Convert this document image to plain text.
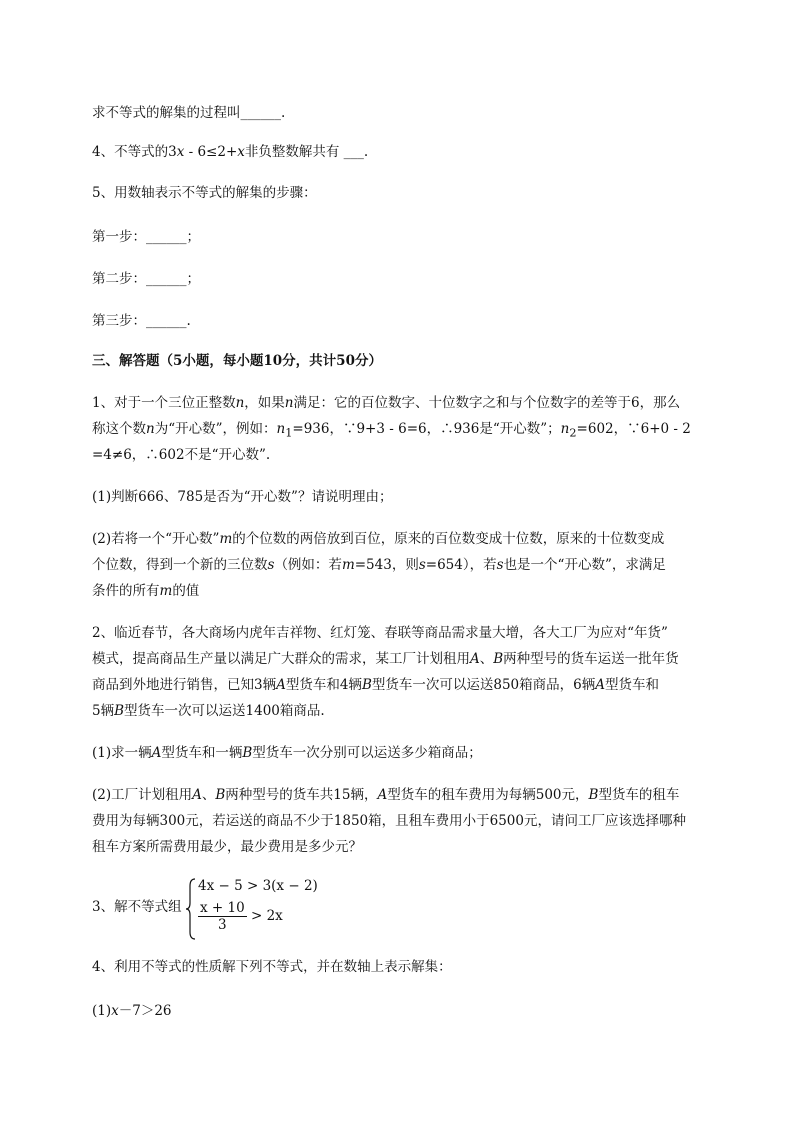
求不等式的解集的过程叫______.
4、不等式的3x - 6≤2+x非负整数解共有 ___.
5、用数轴表示不等式的解集的步骤：
第一步：______；
第二步：______；
第三步：______.
三、解答题（5小题，每小题10分，共计50分）
1、对于一个三位正整数n，如果n满足：它的百位数字、十位数字之和与个位数字的差等于6，那么
称这个数n为“开心数”，例如：$n_1=936$，∵9+3 - 6=6，∴936是“开心数”；$n_2=602$，∵6+0 - 2
=4≠6，∴602不是“开心数”.
(1)判断666、785是否为“开心数”？请说明理由；
(2)若将一个“开心数”m的个位数的两倍放到百位，原来的百位数变成十位数，原来的十位数变成
个位数，得到一个新的三位数s（例如：若m=543，则s=654），若s也是一个“开心数”，求满足
条件的所有m的值
2、临近春节，各大商场内虎年吉祥物、红灯笼、春联等商品需求量大增，各大工厂为应对“年货”
模式，提高商品生产量以满足广大群众的需求，某工厂计划租用A、B两种型号的货车运送一批年货
商品到外地进行销售，已知3辆A型货车和4辆B型货车一次可以运送850箱商品，6辆A型货车和
5辆B型货车一次可以运送1400箱商品.
(1)求一辆A型货车和一辆B型货车一次分别可以运送多少箱商品；
(2)工厂计划租用A、B两种型号的货车共15辆，A型货车的租车费用为每辆500元，B型货车的租车
费用为每辆300元，若运送的商品不少于1850箱，且租车费用小于6500元，请问工厂应该选择哪种
租车方案所需费用最少，最少费用是多少元？
3、解不等式组
4x − 5 > 3(x − 2)
$\frac{x + 10}{3} > 2x$
4、利用不等式的性质解下列不等式，并在数轴上表示解集：
(1)x－7＞26
